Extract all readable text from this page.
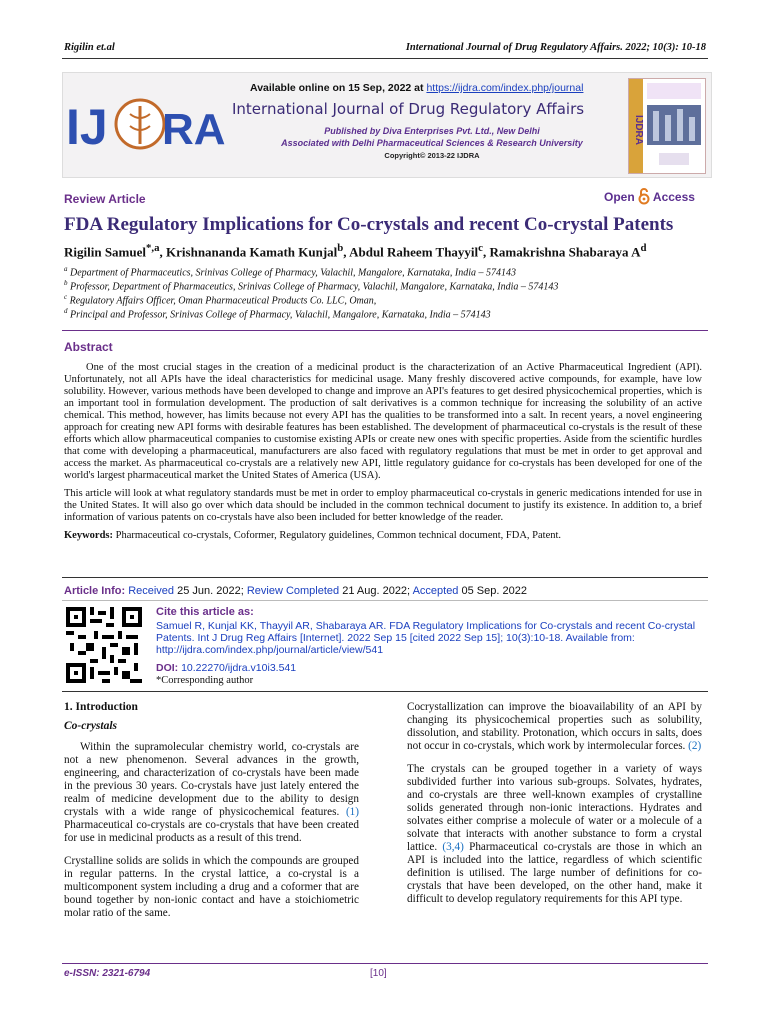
Rigilin et.al	International Journal of Drug Regulatory Affairs. 2022; 10(3): 10-18
IJ RA
Available online on 15 Sep, 2022 at https://ijdra.com/index.php/journal
International Journal of Drug Regulatory Affairs
Published by Diva Enterprises Pvt. Ltd., New Delhi
Associated with Delhi Pharmaceutical Sciences & Research University
Copyright© 2013-22 IJDRA
IJDRA
Review Article	Open Access
FDA Regulatory Implications for Co-crystals and recent Co-crystal Patents
Rigilin Samuel$^{*,a}$, Krishnananda Kamath Kunjal$^b$, Abdul Raheem Thayyil$^c$, Ramakrishna Shabaraya $A^d$
$^a$ Department of Pharmaceutics, Srinivas College of Pharmacy, Valachil, Mangalore, Karnataka, India – 574143
$^b$ Professor, Department of Pharmaceutics, Srinivas College of Pharmacy, Valachil, Mangalore, Karnataka, India – 574143
$^c$ Regulatory Affairs Officer, Oman Pharmaceutical Products Co. LLC, Oman,
$^d$ Principal and Professor, Srinivas College of Pharmacy, Valachil, Mangalore, Karnataka, India – 574143
Abstract

One of the most crucial stages in the creation of a medicinal product is the characterization of an Active Pharmaceutical Ingredient (API). Unfortunately, not all APIs have the ideal characteristics for medicinal usage. Many freshly discovered active compounds, for example, have low solubility. However, various methods have been developed to change and improve an API's features to get desired physicochemical properties, which is an important tool in formulation development. The production of salt derivatives is a common technique for increasing the solubility of an active chemical. This method, however, has limits because not every API has the qualities to be transformed into a salt. In recent years, a novel engineering approach for creating new API forms with desirable features has been established. The development of pharmaceutical co-crystals is the result of these efforts which allow pharmaceutical companies to customise existing APIs or create new ones with specific properties. Aside from the scientific hurdles that come with developing a pharmaceutical, manufacturers are also faced with regulatory regulations that must be met in order to get approval and access the market. As pharmaceutical co-crystals are a relatively new API, little regulatory guidance for co-crystals has been developed for one of the world's largest pharmaceutical market the United States of America (USA).

This article will look at what regulatory standards must be met in order to employ pharmaceutical co-crystals in generic medications intended for use in the United States. It will also go over which data should be included in the common technical document to justify its existence. In addition to, a brief information of various patents on co-crystals have also been included for better knowledge of the reader.

Keywords: Pharmaceutical co-crystals, Coformer, Regulatory guidelines, Common technical document, FDA, Patent.

Article Info: Received 25 Jun. 2022; Review Completed 21 Aug. 2022; Accepted 05 Sep. 2022
Cite this article as:
Samuel R, Kunjal KK, Thayyil AR, Shabaraya AR. FDA Regulatory Implications for Co-crystals and recent Co-crystal Patents. Int J Drug Reg Affairs [Internet]. 2022 Sep 15 [cited 2022 Sep 15]; 10(3):10-18. Available from: http://ijdra.com/index.php/journal/article/view/541
DOI: 10.22270/ijdra.v10i3.541
*Corresponding author

1. Introduction

Co-crystals

Within the supramolecular chemistry world, co-crystals are not a new phenomenon. Several advances in the growth, engineering, and characterization of co-crystals have been made in the previous 30 years. Co-crystals have just lately entered the realm of medicine development due to the ability to design crystals with a wide range of physicochemical features. (1) Pharmaceutical co-crystals are co-crystals that have been created for use in medicinal products as a result of this trend.

Crystalline solids are solids in which the compounds are grouped in regular patterns. In the crystal lattice, a co-crystal is a multicomponent system including a drug and a coformer that are bound together by non-ionic contact and have a stoichiometric molar ratio of the same.

Cocrystallization can improve the bioavailability of an API by changing its physicochemical properties such as solubility, dissolution, and stability. Protonation, which occurs in salts, does not occur in co-crystals, which work by intermolecular forces. (2)

The crystals can be grouped together in a variety of ways subdivided further into various sub-groups. Solvates, hydrates, and co-crystals are three well-known examples of crystalline solids generated through non-ionic interactions. Hydrates and solvates either comprise a molecule of water or a molecule of a solvate that interacts with another substance to form a crystal lattice. (3,4) Pharmaceutical co-crystals are those in which an API is included into the lattice, regardless of which scientific definition is utilised. The large number of definitions for co-crystals that have been developed, on the other hand, make it difficult to develop regulatory requirements for this API type.

e-ISSN: 2321-6794	[10]
